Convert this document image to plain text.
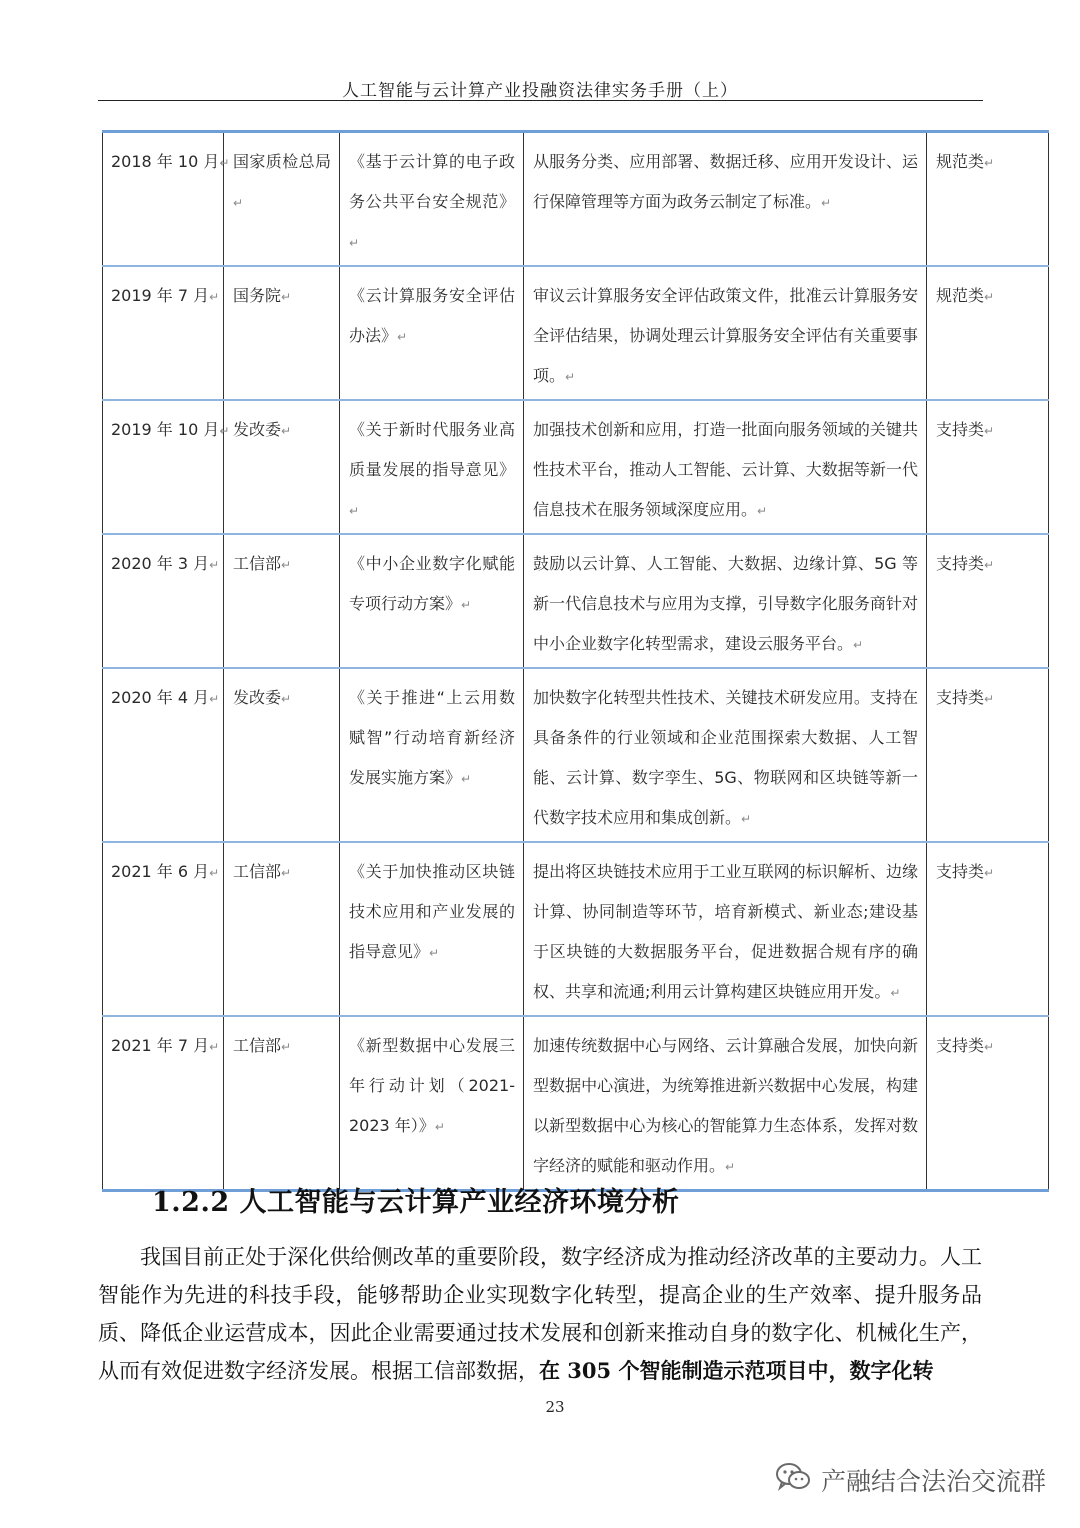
人工智能与云计算产业投融资法律实务手册（上）
2018 年 10 月↵	国家质检总局↵	《基于云计算的电子政务公共平台安全规范》↵	从服务分类、应用部署、数据迁移、应用开发设计、运行保障管理等方面为政务云制定了标准。↵	规范类↵
2019 年 7 月↵	国务院↵	《云计算服务安全评估办法》↵	审议云计算服务安全评估政策文件，批准云计算服务安全评估结果，协调处理云计算服务安全评估有关重要事项。↵	规范类↵
2019 年 10 月↵	发改委↵	《关于新时代服务业高质量发展的指导意见》↵	加强技术创新和应用，打造一批面向服务领域的关键共性技术平台，推动人工智能、云计算、大数据等新一代信息技术在服务领域深度应用。↵	支持类↵
2020 年 3 月↵	工信部↵	《中小企业数字化赋能专项行动方案》↵	鼓励以云计算、人工智能、大数据、边缘计算、5G 等新一代信息技术与应用为支撑，引导数字化服务商针对中小企业数字化转型需求，建设云服务平台。↵	支持类↵
2020 年 4 月↵	发改委↵	《关于推进“上云用数赋智”行动培育新经济发展实施方案》↵	加快数字化转型共性技术、关键技术研发应用。支持在具备条件的行业领域和企业范围探索大数据、人工智能、云计算、数字孪生、5G、物联网和区块链等新一代数字技术应用和集成创新。↵	支持类↵
2021 年 6 月↵	工信部↵	《关于加快推动区块链技术应用和产业发展的指导意见》↵	提出将区块链技术应用于工业互联网的标识解析、边缘计算、协同制造等环节，培育新模式、新业态;建设基于区块链的大数据服务平台，促进数据合规有序的确权、共享和流通;利用云计算构建区块链应用开发。↵	支持类↵
2021 年 7 月↵	工信部↵	《新型数据中心发展三年行动计划（2021-2023 年）》↵	加速传统数据中心与网络、云计算融合发展，加快向新型数据中心演进，为统筹推进新兴数据中心发展，构建以新型数据中心为核心的智能算力生态体系，发挥对数字经济的赋能和驱动作用。↵	支持类↵
1.2.2 人工智能与云计算产业经济环境分析
我国目前正处于深化供给侧改革的重要阶段，数字经济成为推动经济改革的主要动力。人工智能作为先进的科技手段，能够帮助企业实现数字化转型，提高企业的生产效率、提升服务品质、降低企业运营成本，因此企业需要通过技术发展和创新来推动自身的数字化、机械化生产，从而有效促进数字经济发展。根据工信部数据，在 305 个智能制造示范项目中，数字化转
23
产融结合法治交流群
